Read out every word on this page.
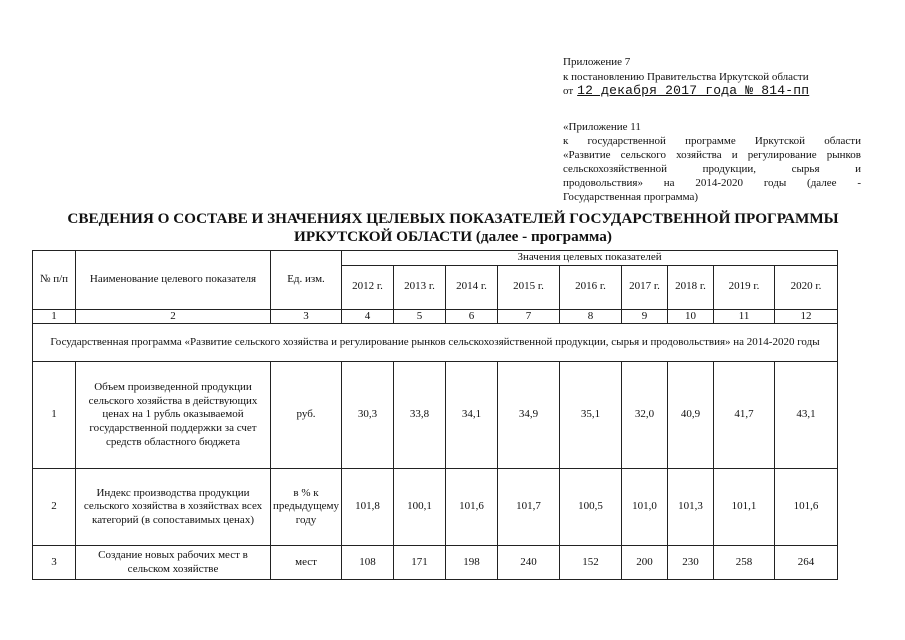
Приложение 7
к постановлению Правительства Иркутской области
от 12 декабря 2017 года № 814-пп
«Приложение 11
к государственной программе Иркутской области
«Развитие сельского хозяйства и регулирование рынков
сельскохозяйственной продукции, сырья и
продовольствия» на 2014-2020 годы (далее -
Государственная программа)
СВЕДЕНИЯ О СОСТАВЕ И ЗНАЧЕНИЯХ ЦЕЛЕВЫХ ПОКАЗАТЕЛЕЙ ГОСУДАРСТВЕННОЙ ПРОГРАММЫ ИРКУТСКОЙ ОБЛАСТИ (далее - программа)
№ п/п	Наименование целевого показателя	Ед. изм.	Значения целевых показателей								
			2012 г.	2013 г.	2014 г.	2015 г.	2016 г.	2017 г.	2018 г.	2019 г.	2020 г.
1	2	3	4	5	6	7	8	9	10	11	12
Государственная программа «Развитие сельского хозяйства и регулирование рынков сельскохозяйственной продукции, сырья и продовольствия» на 2014-2020 годы											
1	Объем произведенной продукции сельского хозяйства в действующих ценах на 1 рубль оказываемой государственной поддержки за счет средств областного бюджета	руб.	30,3	33,8	34,1	34,9	35,1	32,0	40,9	41,7	43,1
2	Индекс производства продукции сельского хозяйства в хозяйствах всех категорий (в сопоставимых ценах)	в % к предыдущему году	101,8	100,1	101,6	101,7	100,5	101,0	101,3	101,1	101,6
3	Создание новых рабочих мест в сельском хозяйстве	мест	108	171	198	240	152	200	230	258	264
